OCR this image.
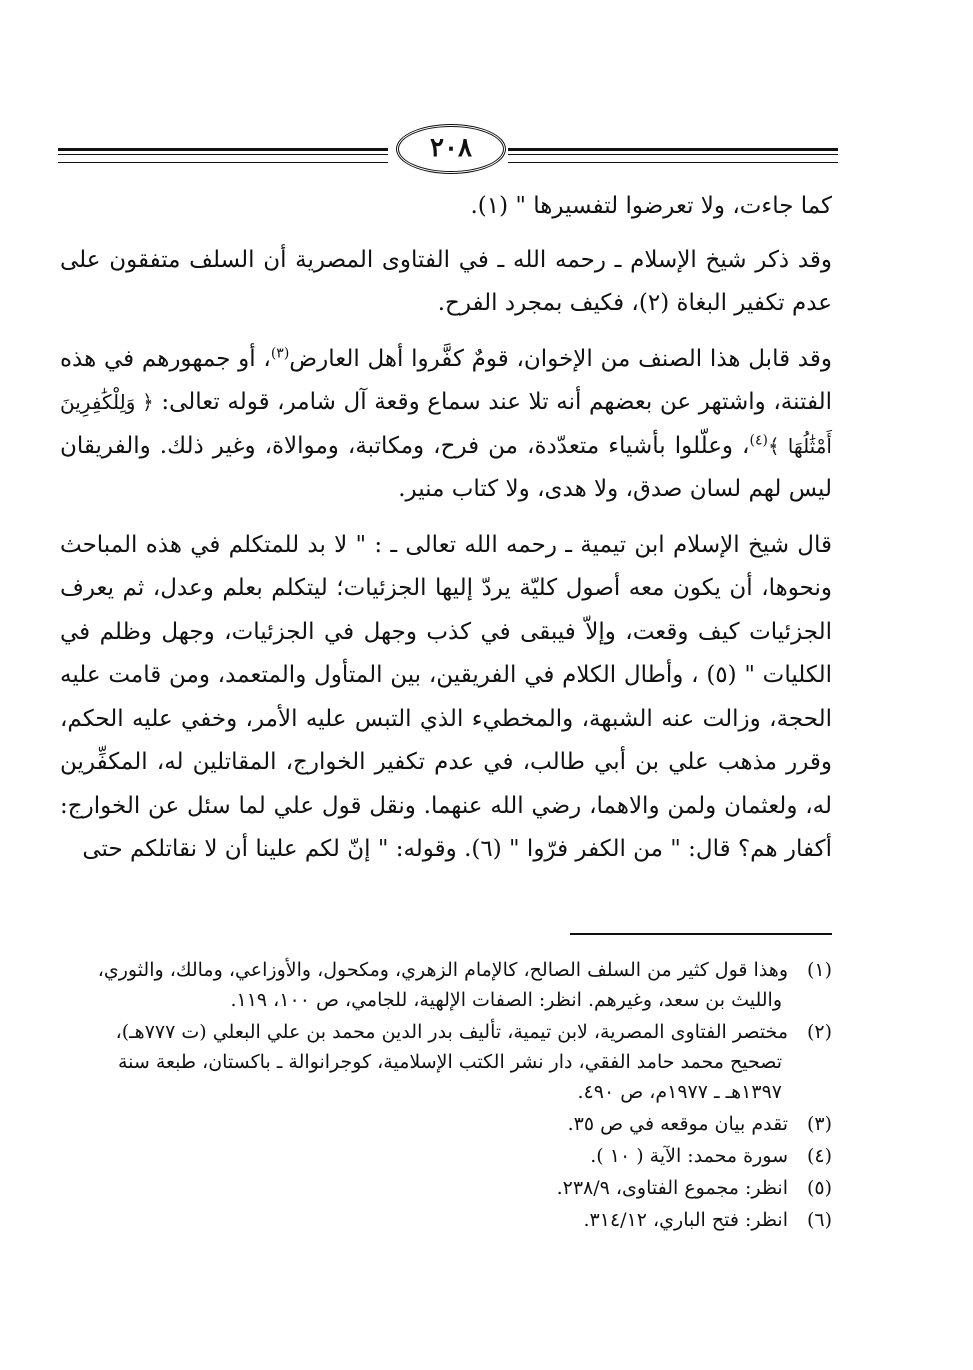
٢٠٨

كما جاءت، ولا تعرضوا لتفسيرها " (١).

وقد ذكر شيخ الإسلام ـ رحمه الله ـ في الفتاوى المصرية أن السلف متفقون على عدم تكفير البغاة (٢)، فكيف بمجرد الفرح.

وقد قابل هذا الصنف من الإخوان، قومٌ كفَّروا أهل العارض$^{(٣)}$، أو جمهورهم في هذه الفتنة، واشتهر عن بعضهم أنه تلا عند سماع وقعة آل شامر، قوله تعالى: ﴿ وَلِلْكَٰفِرِينَ أَمْثَٰلُهَا ﴾$^{(٤)}$، وعلّلوا بأشياء متعدّدة، من فرح، ومكاتبة، وموالاة، وغير ذلك. والفريقان ليس لهم لسان صدق، ولا هدى، ولا كتاب منير.

قال شيخ الإسلام ابن تيمية ـ رحمه الله تعالى ـ : " لا بد للمتكلم في هذه المباحث ونحوها، أن يكون معه أصول كليّة يردّ إليها الجزئيات؛ ليتكلم بعلم وعدل، ثم يعرف الجزئيات كيف وقعت، وإلاّ فيبقى في كذب وجهل في الجزئيات، وجهل وظلم في الكليات " (٥) ، وأطال الكلام في الفريقين، بين المتأول والمتعمد، ومن قامت عليه الحجة، وزالت عنه الشبهة، والمخطيء الذي التبس عليه الأمر، وخفي عليه الحكم، وقرر مذهب علي بن أبي طالب، في عدم تكفير الخوارج، المقاتلين له، المكفِّرين له، ولعثمان ولمن والاهما، رضي الله عنهما. ونقل قول علي لما سئل عن الخوارج: أكفار هم؟ قال: " من الكفر فرّوا " (٦). وقوله: " إنّ لكم علينا أن لا نقاتلكم حتى

(١)وهذا قول كثير من السلف الصالح، كالإمام الزهري، ومكحول، والأوزاعي، ومالك، والثوري، والليث بن سعد، وغيرهم. انظر: الصفات الإلهية، للجامي، ص ١٠٠، ١١٩.
(٢)مختصر الفتاوى المصرية، لابن تيمية، تأليف بدر الدين محمد بن علي البعلي (ت ٧٧٧هـ)، تصحيح محمد حامد الفقي، دار نشر الكتب الإسلامية، كوجرانوالة ـ باكستان، طبعة سنة ١٣٩٧هـ ـ ١٩٧٧م، ص ٤٩٠.
(٣)تقدم بيان موقعه في ص ٣٥.
(٤)سورة محمد: الآية ( ١٠ ).
(٥)انظر: مجموع الفتاوى، ٢٣٨/٩.
(٦)انظر: فتح الباري، ٣١٤/١٢.
